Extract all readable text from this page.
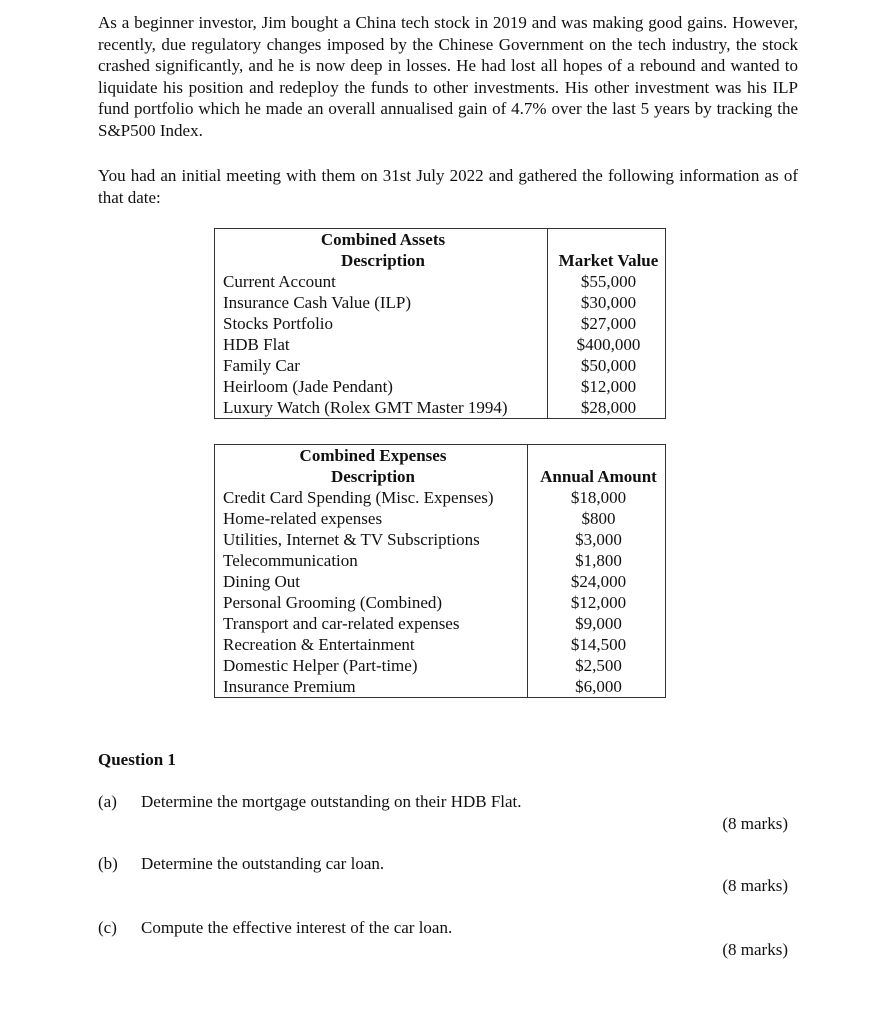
As a beginner investor, Jim bought a China tech stock in 2019 and was making good gains. However, recently, due regulatory changes imposed by the Chinese Government on the tech industry, the stock crashed significantly, and he is now deep in losses. He had lost all hopes of a rebound and wanted to liquidate his position and redeploy the funds to other investments. His other investment was his ILP fund portfolio which he made an overall annualised gain of 4.7% over the last 5 years by tracking the S&P500 Index.

You had an initial meeting with them on 31st July 2022 and gathered the following information as of that date:

Combined Assets	
Description	Market Value
Current Account	$55,000
Insurance Cash Value (ILP)	$30,000
Stocks Portfolio	$27,000
HDB Flat	$400,000
Family Car	$50,000
Heirloom (Jade Pendant)	$12,000
Luxury Watch (Rolex GMT Master 1994)	$28,000
Combined Expenses	
Description	Annual Amount
Credit Card Spending (Misc. Expenses)	$18,000
Home-related expenses	$800
Utilities, Internet & TV Subscriptions	$3,000
Telecommunication	$1,800
Dining Out	$24,000
Personal Grooming (Combined)	$12,000
Transport and car-related expenses	$9,000
Recreation & Entertainment	$14,500
Domestic Helper (Part-time)	$2,500
Insurance Premium	$6,000

Question 1

(a) Determine the mortgage outstanding on their HDB Flat.
(8 marks)
(b) Determine the outstanding car loan.
(8 marks)
(c) Compute the effective interest of the car loan.
(8 marks)
